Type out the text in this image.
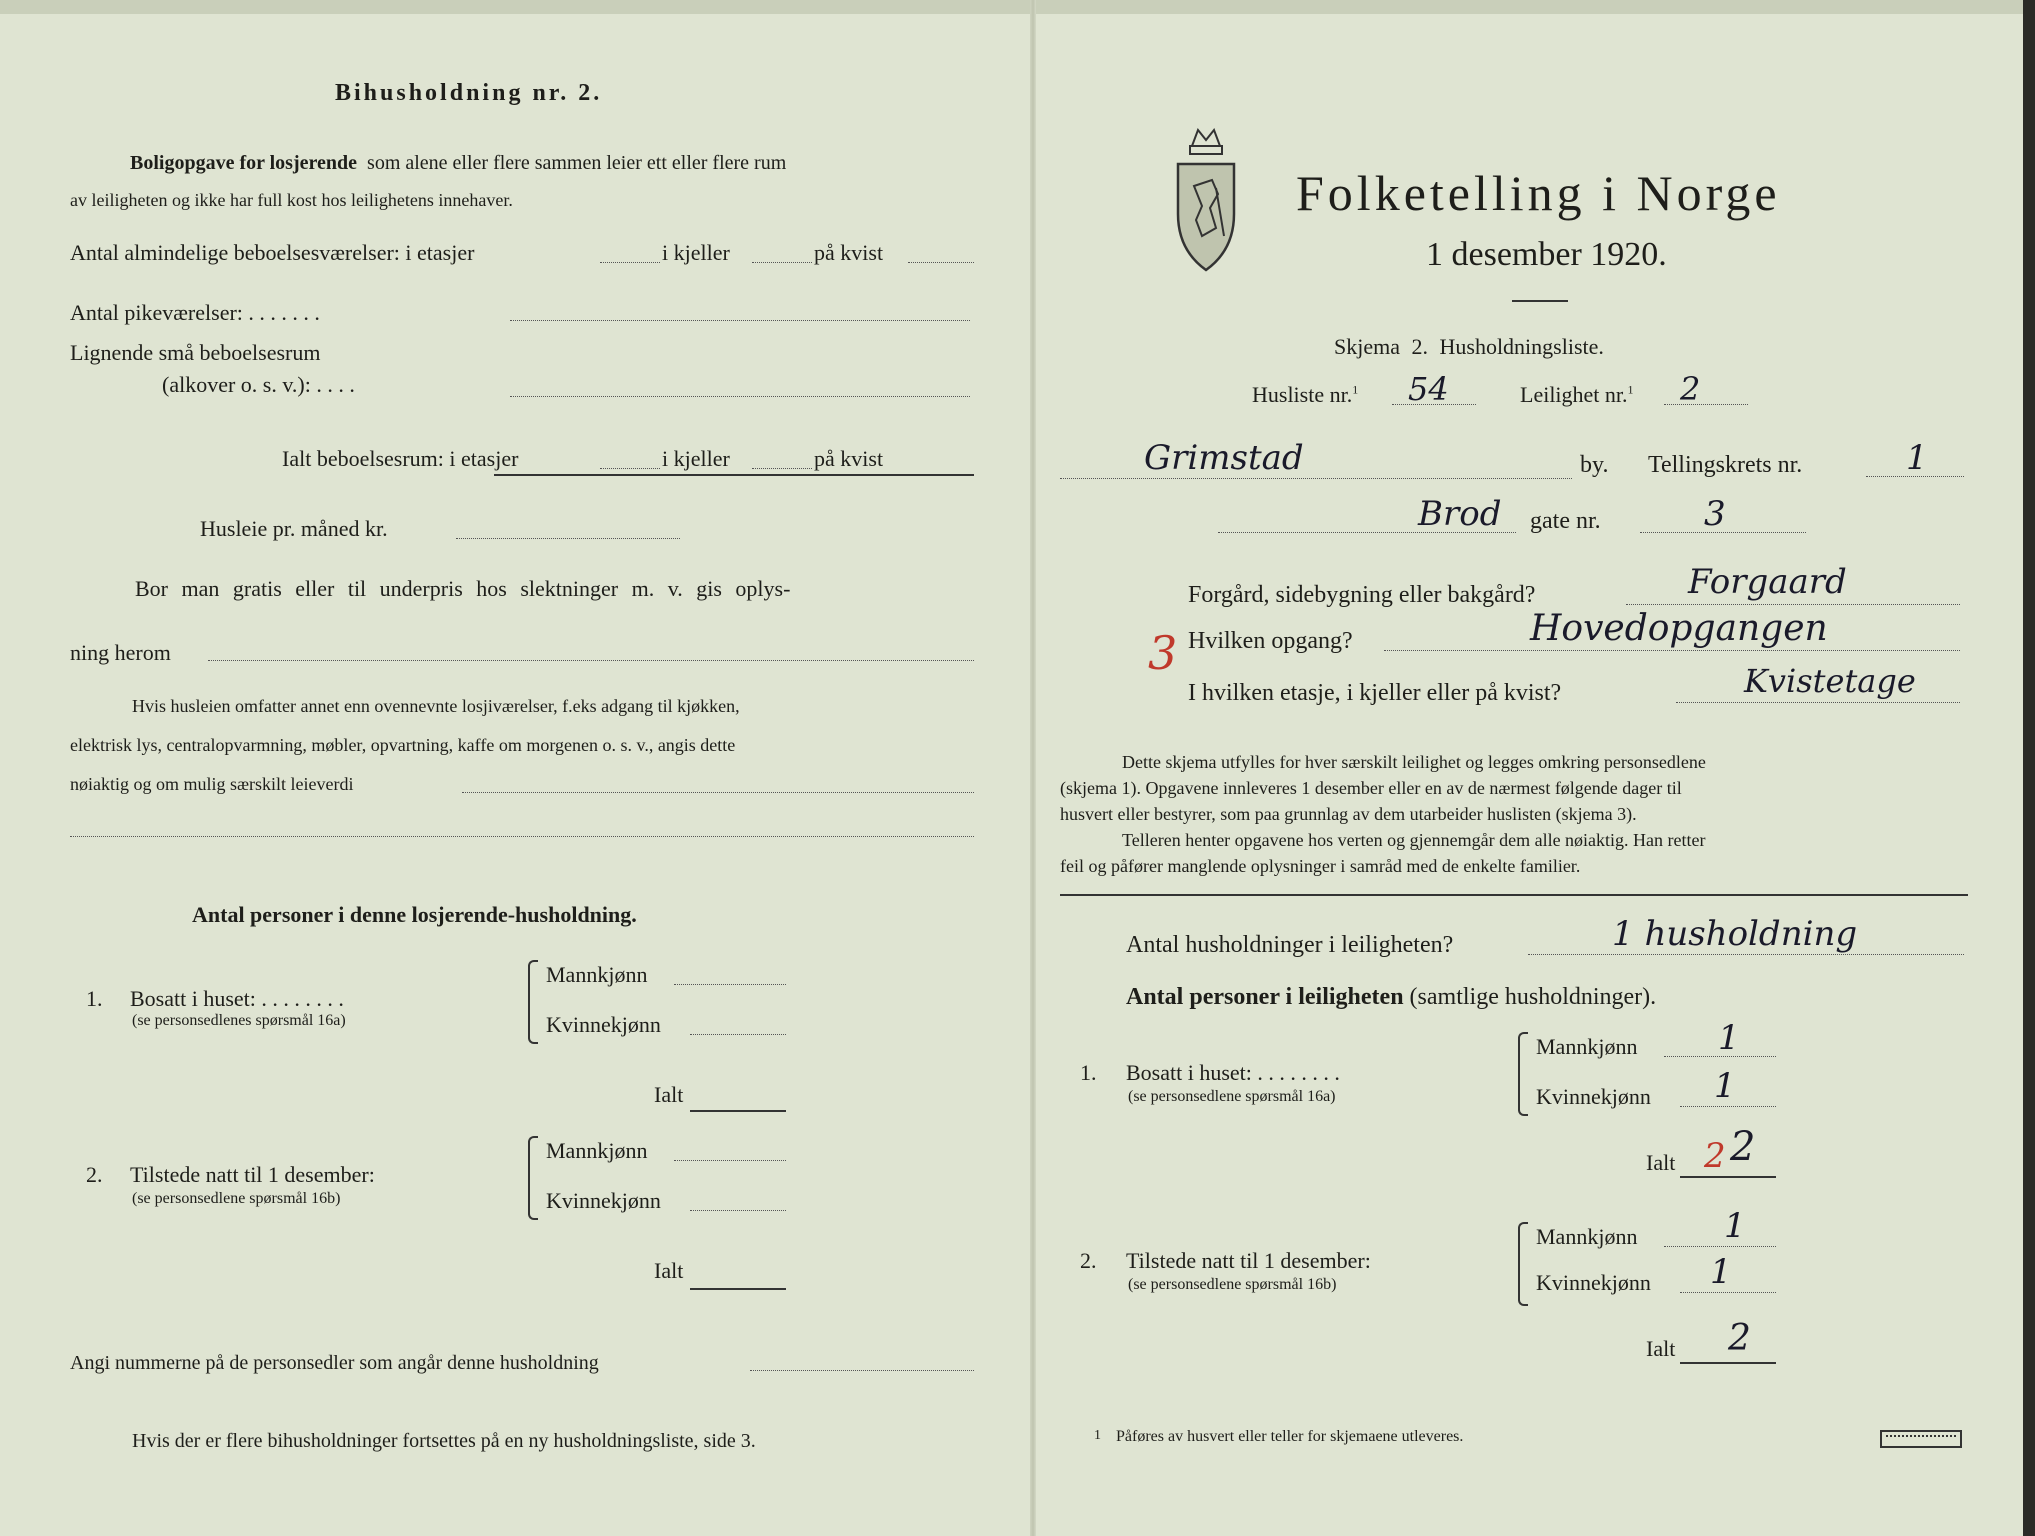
Bihusholdning nr. 2.
Boligopgave for losjerende som alene eller flere sammen leier ett eller flere rum
av leiligheten og ikke har full kost hos leilighetens innehaver.
Antal almindelige beboelsesværelser: i etasjer	i kjeller	på kvist
Antal pikeværelser: . . . . . . .
Lignende små beboelsesrum
(alkover o. s. v.): . . . .
Ialt beboelsesrum: i etasjer	i kjeller	på kvist
Husleie pr. måned kr.
Bor man gratis eller til underpris hos slektninger m. v. gis oplys-
ning herom
Hvis husleien omfatter annet enn ovennevnte losjiværelser, f.eks adgang til kjøkken,
elektrisk lys, centralopvarmning, møbler, opvartning, kaffe om morgenen o. s. v., angis dette
nøiaktig og om mulig særskilt leieverdi
Antal personer i denne losjerende-husholdning.
1. Bosatt i huset: . . . . . . . .
(se personsedlenes spørsmål 16a)
Mannkjønn
Kvinnekjønn
Ialt
2. Tilstede natt til 1 desember:
(se personsedlene spørsmål 16b)
Mannkjønn
Kvinnekjønn
Ialt
Angi nummerne på de personsedler som angår denne husholdning
Hvis der er flere bihusholdninger fortsettes på en ny husholdningsliste, side 3.
Folketelling i Norge
1 desember 1920.
Skjema 2. Husholdningsliste.
Husliste nr.$^1$ 54	Leilighet nr.$^1$ 2
Grimstad	by. Tellingskrets nr.	1
Brod gate nr.	3
Forgård, sidebygning eller bakgård?	Forgaard
3 Hvilken opgang?	Hovedopgangen
I hvilken etasje, i kjeller eller på kvist?	Kvistetage
Dette skjema utfylles for hver særskilt leilighet og legges omkring personsedlene
(skjema 1). Opgavene innleveres 1 desember eller en av de nærmest følgende dager til
husvert eller bestyrer, som paa grunnlag av dem utarbeider huslisten (skjema 3).
Telleren henter opgavene hos verten og gjennemgår dem alle nøiaktig. Han retter
feil og påfører manglende oplysninger i samråd med de enkelte familier.
Antal husholdninger i leiligheten?	1 husholdning
Antal personer i leiligheten (samtlige husholdninger).
1. Bosatt i huset: . . . . . . . .
(se personsedlene spørsmål 16a)
Mannkjønn 1
Kvinnekjønn 1
Ialt 2
2
2. Tilstede natt til 1 desember:
(se personsedlene spørsmål 16b)
Mannkjønn	1
Kvinnekjønn 1
Ialt 2
1 Påføres av husvert eller teller for skjemaene utleveres.
